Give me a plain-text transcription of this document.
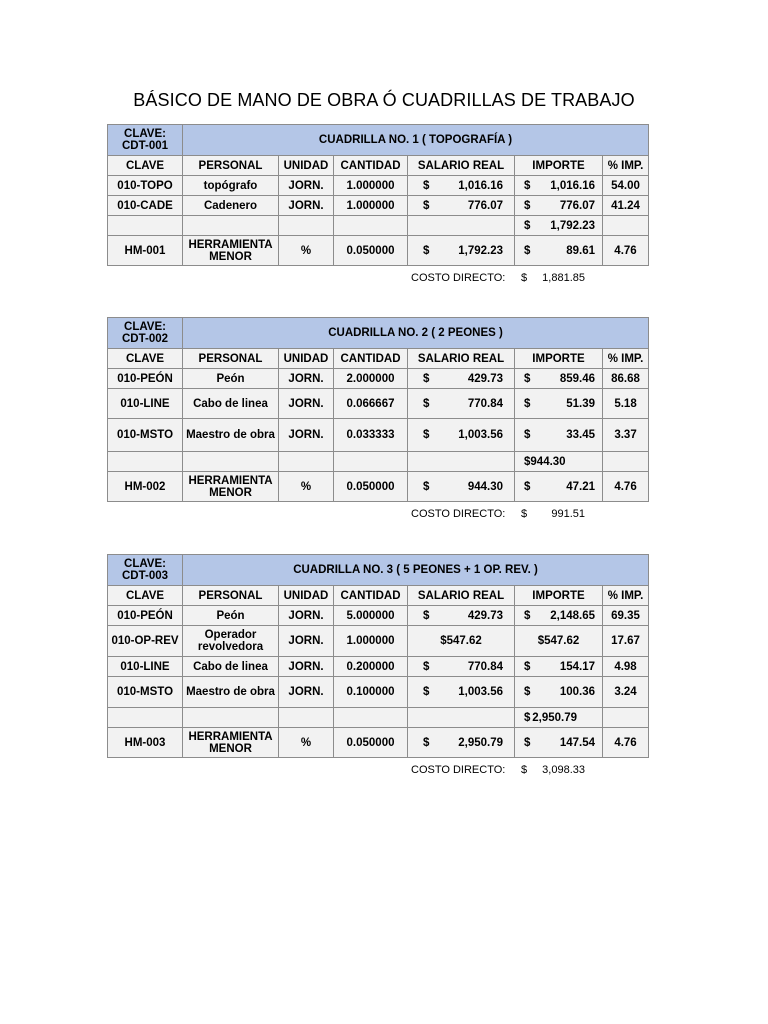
BÁSICO DE MANO DE OBRA Ó CUADRILLAS DE TRABAJO
CLAVE:
CDT-001	CUADRILLA NO. 1 ( TOPOGRAFÍA )					
CLAVE	PERSONAL	UNIDAD	CANTIDAD	SALARIO REAL	IMPORTE	% IMP.
010-TOPO	topógrafo	JORN.	1.000000	$ 1,016.16	$ 1,016.16	54.00
010-CADE	Cadenero	JORN.	1.000000	$ 776.07	$ 776.07	41.24

					$ 1,792.23	

HM-001	HERRAMIENTA MENOR	%	0.050000	$ 1,792.23	$ 89.61	4.76
COSTO DIRECTO: $ 1,881.85
CLAVE:
CDT-002	CUADRILLA NO. 2 ( 2 PEONES )					
CLAVE	PERSONAL	UNIDAD	CANTIDAD	SALARIO REAL	IMPORTE	% IMP.
010-PEÓN	Peón	JORN.	2.000000	$ 429.73	$ 859.46	86.68
010-LINE	Cabo de linea	JORN.	0.066667	$ 770.84	$ 51.39	5.18
010-MSTO	Maestro de obra	JORN.	0.033333	$ 1,003.56	$ 33.45	3.37

					$ 944.30	

HM-002	HERRAMIENTA MENOR	%	0.050000	$ 944.30	$ 47.21	4.76
COSTO DIRECTO: $ 991.51
CLAVE:
CDT-003	CUADRILLA NO. 3 ( 5 PEONES + 1 OP. REV. )					
CLAVE	PERSONAL	UNIDAD	CANTIDAD	SALARIO REAL	IMPORTE	% IMP.
010-PEÓN	Peón	JORN.	5.000000	$ 429.73	$ 2,148.65	69.35
010-OP-REV	Operador revolvedora	JORN.	1.000000	$547.62	$547.62	17.67
010-LINE	Cabo de linea	JORN.	0.200000	$ 770.84	$ 154.17	4.98
010-MSTO	Maestro de obra	JORN.	0.100000	$ 1,003.56	$ 100.36	3.24

					$ 2,950.79	

HM-003	HERRAMIENTA MENOR	%	0.050000	$ 2,950.79	$ 147.54	4.76
COSTO DIRECTO: $ 3,098.33
